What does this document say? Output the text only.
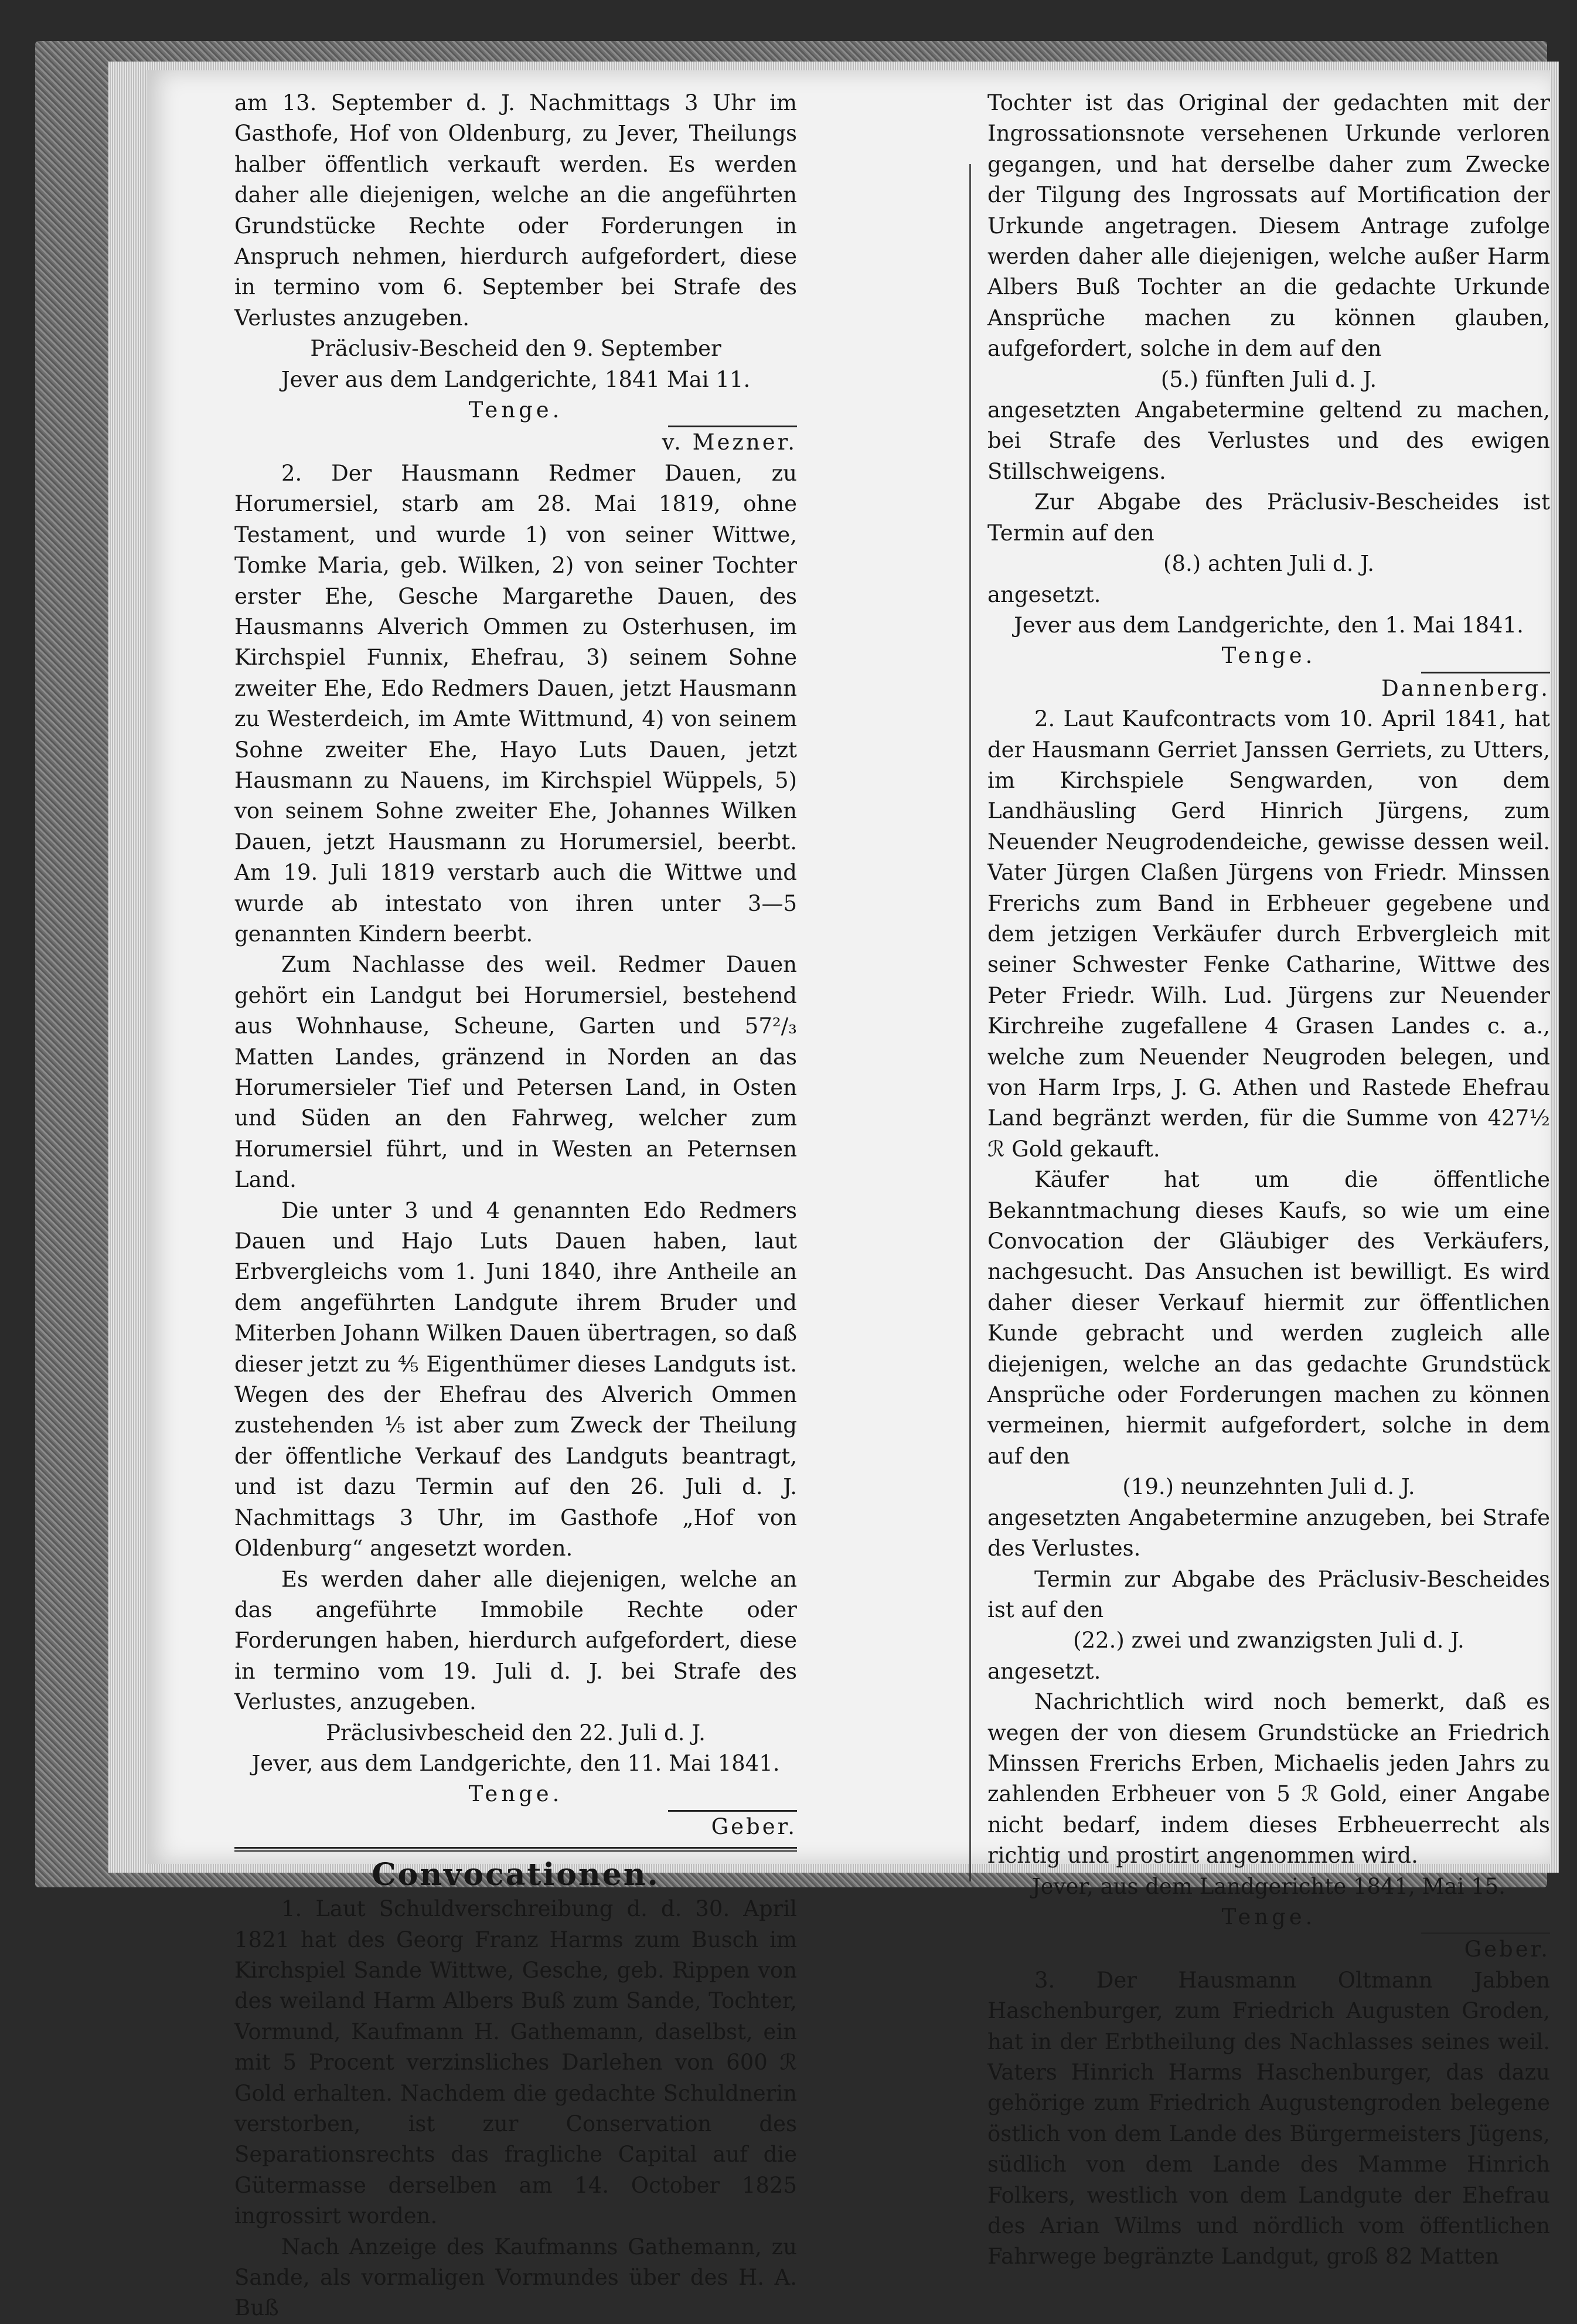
am 13. September d. J. Nachmittags 3 Uhr im Gasthofe, Hof von Oldenburg, zu Jever, Theilungs halber öffentlich verkauft werden. Es werden daher alle diejenigen, welche an die angeführten Grundstücke Rechte oder Forderungen in Anspruch nehmen, hierdurch aufgefordert, diese in termino vom 6. September bei Strafe des Verlustes anzugeben.

Präclusiv-Bescheid den 9. September

Jever aus dem Landgerichte, 1841 Mai 11.

Tenge.

v. Mezner.

2. Der Hausmann Redmer Dauen, zu Horumersiel, starb am 28. Mai 1819, ohne Testament, und wurde 1) von seiner Wittwe, Tomke Maria, geb. Wilken, 2) von seiner Tochter erster Ehe, Gesche Margarethe Dauen, des Hausmanns Alverich Ommen zu Osterhusen, im Kirchspiel Funnix, Ehefrau, 3) seinem Sohne zweiter Ehe, Edo Redmers Dauen, jetzt Hausmann zu Westerdeich, im Amte Wittmund, 4) von seinem Sohne zweiter Ehe, Hayo Luts Dauen, jetzt Hausmann zu Nauens, im Kirchspiel Wüppels, 5) von seinem Sohne zweiter Ehe, Johannes Wilken Dauen, jetzt Hausmann zu Horumersiel, beerbt. Am 19. Juli 1819 verstarb auch die Wittwe und wurde ab intestato von ihren unter 3—5 genannten Kindern beerbt.

Zum Nachlasse des weil. Redmer Dauen gehört ein Landgut bei Horumersiel, bestehend aus Wohnhause, Scheune, Garten und 57²/₃ Matten Landes, gränzend in Norden an das Horumersieler Tief und Petersen Land, in Osten und Süden an den Fahrweg, welcher zum Horumersiel führt, und in Westen an Peternsen Land.

Die unter 3 und 4 genannten Edo Redmers Dauen und Hajo Luts Dauen haben, laut Erbvergleichs vom 1. Juni 1840, ihre Antheile an dem angeführten Landgute ihrem Bruder und Miterben Johann Wilken Dauen übertragen, so daß dieser jetzt zu ⅘ Eigenthümer dieses Landguts ist. Wegen des der Ehefrau des Alverich Ommen zustehenden ⅕ ist aber zum Zweck der Theilung der öffentliche Verkauf des Landguts beantragt, und ist dazu Termin auf den 26. Juli d. J. Nachmittags 3 Uhr, im Gasthofe „Hof von Oldenburg“ angesetzt worden.

Es werden daher alle diejenigen, welche an das angeführte Immobile Rechte oder Forderungen haben, hierdurch aufgefordert, diese in termino vom 19. Juli d. J. bei Strafe des Verlustes, anzugeben.

Präclusivbescheid den 22. Juli d. J.

Jever, aus dem Landgerichte, den 11. Mai 1841.

Tenge.

Geber.

Convocationen.

1. Laut Schuldverschreibung d. d. 30. April 1821 hat des Georg Franz Harms zum Busch im Kirchspiel Sande Wittwe, Gesche, geb. Rippen von des weiland Harm Albers Buß zum Sande, Tochter, Vormund, Kaufmann H. Gathemann, daselbst, ein mit 5 Procent verzinsliches Darlehen von 600 ℛ Gold erhalten. Nachdem die gedachte Schuldnerin verstorben, ist zur Conservation des Separationsrechts das fragliche Capital auf die Gütermasse derselben am 14. October 1825 ingrossirt worden.

Nach Anzeige des Kaufmanns Gathemann, zu Sande, als vormaligen Vormundes über des H. A. Buß

Tochter ist das Original der gedachten mit der Ingrossationsnote versehenen Urkunde verloren gegangen, und hat derselbe daher zum Zwecke der Tilgung des Ingrossats auf Mortification der Urkunde angetragen. Diesem Antrage zufolge werden daher alle diejenigen, welche außer Harm Albers Buß Tochter an die gedachte Urkunde Ansprüche machen zu können glauben, aufgefordert, solche in dem auf den

(5.) fünften Juli d. J.

angesetzten Angabetermine geltend zu machen, bei Strafe des Verlustes und des ewigen Stillschweigens.

Zur Abgabe des Präclusiv-Bescheides ist Termin auf den

(8.) achten Juli d. J.

angesetzt.

Jever aus dem Landgerichte, den 1. Mai 1841.

Tenge.

Dannenberg.

2. Laut Kaufcontracts vom 10. April 1841, hat der Hausmann Gerriet Janssen Gerriets, zu Utters, im Kirchspiele Sengwarden, von dem Landhäusling Gerd Hinrich Jürgens, zum Neuender Neugrodendeiche, gewisse dessen weil. Vater Jürgen Claßen Jürgens von Friedr. Minssen Frerichs zum Band in Erbheuer gegebene und dem jetzigen Verkäufer durch Erbvergleich mit seiner Schwester Fenke Catharine, Wittwe des Peter Friedr. Wilh. Lud. Jürgens zur Neuender Kirchreihe zugefallene 4 Grasen Landes c. a., welche zum Neuender Neugroden belegen, und von Harm Irps, J. G. Athen und Rastede Ehefrau Land begränzt werden, für die Summe von 427½ ℛ Gold gekauft.

Käufer hat um die öffentliche Bekanntmachung dieses Kaufs, so wie um eine Convocation der Gläubiger des Verkäufers, nachgesucht. Das Ansuchen ist bewilligt. Es wird daher dieser Verkauf hiermit zur öffentlichen Kunde gebracht und werden zugleich alle diejenigen, welche an das gedachte Grundstück Ansprüche oder Forderungen machen zu können vermeinen, hiermit aufgefordert, solche in dem auf den

(19.) neunzehnten Juli d. J.

angesetzten Angabetermine anzugeben, bei Strafe des Verlustes.

Termin zur Abgabe des Präclusiv-Bescheides ist auf den

(22.) zwei und zwanzigsten Juli d. J.

angesetzt.

Nachrichtlich wird noch bemerkt, daß es wegen der von diesem Grundstücke an Friedrich Minssen Frerichs Erben, Michaelis jeden Jahrs zu zahlenden Erbheuer von 5 ℛ Gold, einer Angabe nicht bedarf, indem dieses Erbheuerrecht als richtig und prostirt angenommen wird.

Jever, aus dem Landgerichte 1841, Mai 15.

Tenge.

Geber.

3. Der Hausmann Oltmann Jabben Haschenburger, zum Friedrich Augusten Groden, hat in der Erbtheilung des Nachlasses seines weil. Vaters Hinrich Harms Haschenburger, das dazu gehörige zum Friedrich Augustengroden belegene östlich von dem Lande des Bürgermeisters Jügens, südlich von dem Lande des Mamme Hinrich Folkers, westlich von dem Landgute der Ehefrau des Arian Wilms und nördlich vom öffentlichen Fahrwege begränzte Landgut, groß 82 Matten
